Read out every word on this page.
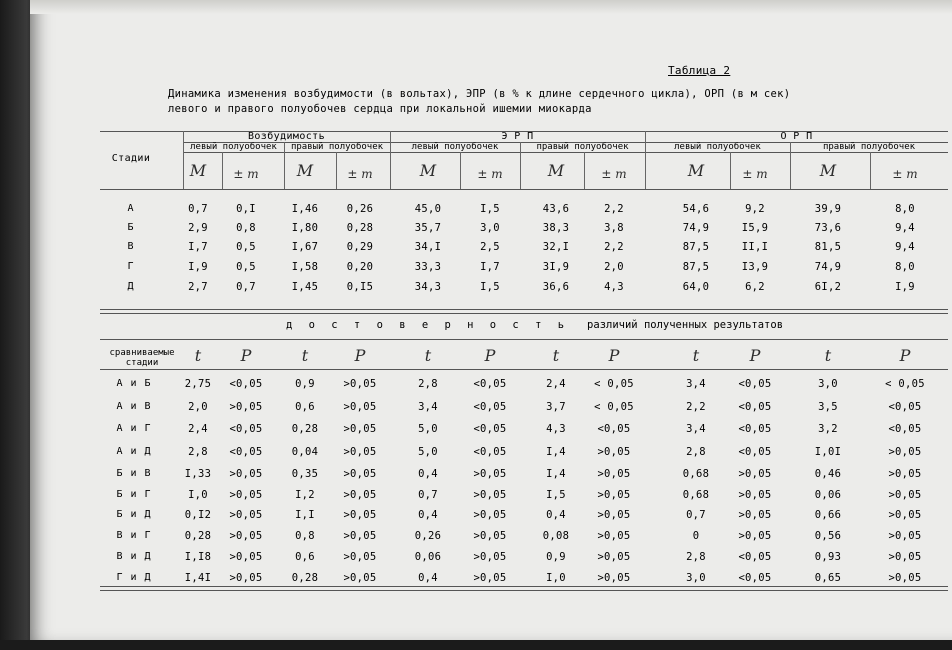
Таблица 2
Динамика изменения возбудимости (в вольтах), ЭПР (в % к длине сердечного цикла), ОРП (в м сек)
левого и правого полуобочев сердца при локальной ишемии миокарда
Стадии
Возбудимость	Э Р П	О Р П
левый полуобочек	правый полуобочек	левый полуобочек	правый полуобочек	левый полуобочек	правый полуобочек
М	± m	М	± m	М	± m	М	± m	М	± m	М	± m
А	0,7	0,I	I,46	0,26	45,0	I,5	43,6	2,2	54,6	9,2	39,9	8,0
Б	2,9	0,8	I,80	0,28	35,7	3,0	38,3	3,8	74,9	I5,9	73,6	9,4
В	I,7	0,5	I,67	0,29	34,I	2,5	32,I	2,2	87,5	II,I	81,5	9,4
Г	I,9	0,5	I,58	0,20	33,3	I,7	3I,9	2,0	87,5	I3,9	74,9	8,0
Д	2,7	0,7	I,45	0,I5	34,3	I,5	36,6	4,3	64,0	6,2	6I,2	I,9
сравниваемые стадии	t	P	t	P	t	P	t	P	t	P	t	P
А и Б	2,75	<0,05	0,9	>0,05	2,8	<0,05	2,4	< 0,05	3,4	<0,05	3,0	< 0,05
А и В	2,0	>0,05	0,6	>0,05	3,4	<0,05	3,7	< 0,05	2,2	<0,05	3,5	<0,05
А и Г	2,4	<0,05	0,28	>0,05	5,0	<0,05	4,3	<0,05	3,4	<0,05	3,2	<0,05
А и Д	2,8	<0,05	0,04	>0,05	5,0	<0,05	I,4	>0,05	2,8	<0,05	I,0I	>0,05
Б и В	I,33	>0,05	0,35	>0,05	0,4	>0,05	I,4	>0,05	0,68	>0,05	0,46	>0,05
Б и Г	I,0	>0,05	I,2	>0,05	0,7	>0,05	I,5	>0,05	0,68	>0,05	0,06	>0,05
Б и Д	0,I2	>0,05	I,I	>0,05	0,4	>0,05	0,4	>0,05	0,7	>0,05	0,66	>0,05
В и Г	0,28	>0,05	0,8	>0,05	0,26	>0,05	0,08	>0,05	0	>0,05	0,56	>0,05
В и Д	I,I8	>0,05	0,6	>0,05	0,06	>0,05	0,9	>0,05	2,8	<0,05	0,93	>0,05
Г и Д	I,4I	>0,05	0,28	>0,05	0,4	>0,05	I,0	>0,05	3,0	<0,05	0,65	>0,05
д о с т о в е р н о с т ь различий полученных результатов
